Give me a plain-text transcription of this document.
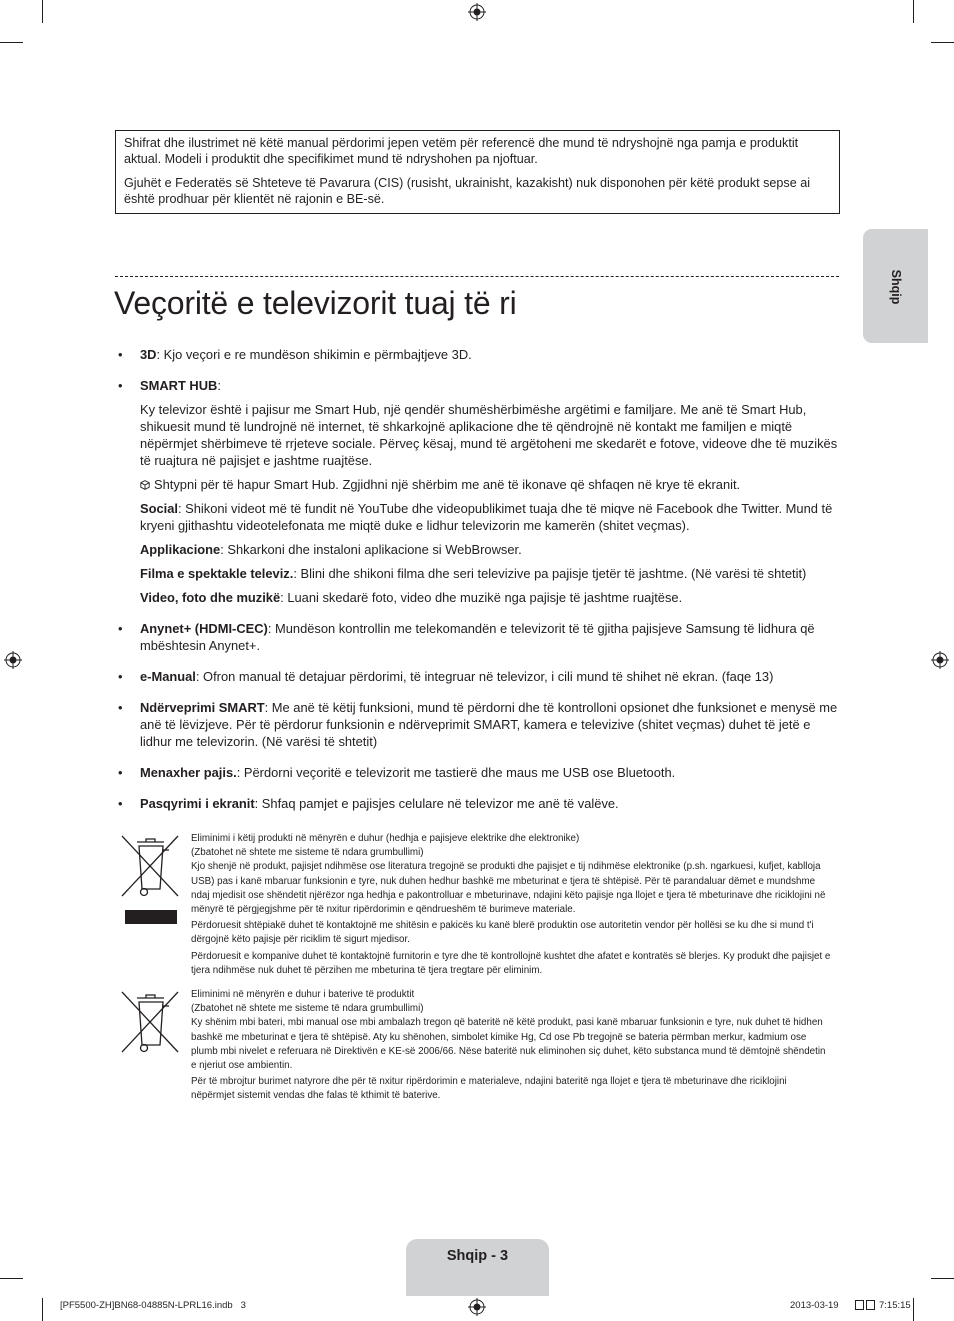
Shifrat dhe ilustrimet në këtë manual përdorimi jepen vetëm për referencë dhe mund të ndryshojnë nga pamja e produktit aktual. Modeli i produktit dhe specifikimet mund të ndryshohen pa njoftuar.

Gjuhët e Federatës së Shteteve të Pavarura (CIS) (rusisht, ukrainisht, kazakisht) nuk disponohen për këtë produkt sepse ai është prodhuar për klientët në rajonin e BE-së.

Shqip
Veçoritë e televizorit tuaj të ri
• 3D: Kjo veçori e re mundëson shikimin e përmbajtjeve 3D.
• SMART HUB:

Ky televizor është i pajisur me Smart Hub, një qendër shumëshërbimëshe argëtimi e familjare. Me anë të Smart Hub, shikuesit mund të lundrojnë në internet, të shkarkojnë aplikacione dhe të qëndrojnë në kontakt me familjen e miqtë nëpërmjet shërbimeve të rrjeteve sociale. Përveç kësaj, mund të argëtoheni me skedarët e fotove, videove dhe të muzikës të ruajtura në pajisjet e jashtme ruajtëse.

Shtypni për të hapur Smart Hub. Zgjidhni një shërbim me anë të ikonave që shfaqen në krye të ekranit.

Social: Shikoni videot më të fundit në YouTube dhe videopublikimet tuaja dhe të miqve në Facebook dhe Twitter. Mund të kryeni gjithashtu videotelefonata me miqtë duke e lidhur televizorin me kamerën (shitet veçmas).

Applikacione: Shkarkoni dhe instaloni aplikacione si WebBrowser.

Filma e spektakle televiz.: Blini dhe shikoni filma dhe seri televizive pa pajisje tjetër të jashtme. (Në varësi të shtetit)

Video, foto dhe muzikë: Luani skedarë foto, video dhe muzikë nga pajisje të jashtme ruajtëse.

• Anynet+ (HDMI-CEC): Mundëson kontrollin me telekomandën e televizorit të të gjitha pajisjeve Samsung të lidhura që mbështesin Anynet+.
• e-Manual: Ofron manual të detajuar përdorimi, të integruar në televizor, i cili mund të shihet në ekran. (faqe 13)
• Ndërveprimi SMART: Me anë të këtij funksioni, mund të përdorni dhe të kontrolloni opsionet dhe funksionet e menysë me anë të lëvizjeve. Për të përdorur funksionin e ndërveprimit SMART, kamera e televizive (shitet veçmas) duhet të jetë e lidhur me televizorin. (Në varësi të shtetit)
• Menaxher pajis.: Përdorni veçoritë e televizorit me tastierë dhe maus me USB ose Bluetooth.
• Pasqyrimi i ekranit: Shfaq pamjet e pajisjes celulare në televizor me anë të valëve.

Eliminimi i këtij produkti në mënyrën e duhur (hedhja e pajisjeve elektrike dhe elektronike)

(Zbatohet në shtete me sisteme të ndara grumbullimi)

Kjo shenjë në produkt, pajisjet ndihmëse ose literatura tregojnë se produkti dhe pajisjet e tij ndihmëse elektronike (p.sh. ngarkuesi, kufjet, kablloja USB) pas i kanë mbaruar funksionin e tyre, nuk duhen hedhur bashkë me mbeturinat e tjera të shtëpisë. Për të parandaluar dëmet e mundshme ndaj mjedisit ose shëndetit njërëzor nga hedhja e pakontrolluar e mbeturinave, ndajini këto pajisje nga llojet e tjera të mbeturinave dhe riciklojini në mënyrë të përgjegjshme për të nxitur ripërdorimin e qëndrueshëm të burimeve materiale.

Përdoruesit shtëpiakë duhet të kontaktojnë me shitësin e pakicës ku kanë blerë produktin ose autoritetin vendor për hollësi se ku dhe si mund t'i dërgojnë këto pajisje për riciklim të sigurt mjedisor.

Përdoruesit e kompanive duhet të kontaktojnë furnitorin e tyre dhe të kontrollojnë kushtet dhe afatet e kontratës së blerjes. Ky produkt dhe pajisjet e tjera ndihmëse nuk duhet të përzihen me mbeturina të tjera tregtare për eliminim.

Eliminimi në mënyrën e duhur i baterive të produktit

(Zbatohet në shtete me sisteme të ndara grumbullimi)

Ky shënim mbi bateri, mbi manual ose mbi ambalazh tregon që bateritë në këtë produkt, pasi kanë mbaruar funksionin e tyre, nuk duhet të hidhen bashkë me mbeturinat e tjera të shtëpisë. Aty ku shënohen, simbolet kimike Hg, Cd ose Pb tregojnë se bateria përmban merkur, kadmium ose plumb mbi nivelet e referuara në Direktivën e KE-së 2006/66. Nëse bateritë nuk eliminohen siç duhet, këto substanca mund të dëmtojnë shëndetin e njeriut ose ambientin.

Për të mbrojtur burimet natyrore dhe për të nxitur ripërdorimin e materialeve, ndajini bateritë nga llojet e tjera të mbeturinave dhe riciklojini nëpërmjet sistemit vendas dhe falas të kthimit të baterive.

Shqip - 3
[PF5500-ZH]BN68-04885N-LPRL16.indb   3	2013-03-19	7:15:15
